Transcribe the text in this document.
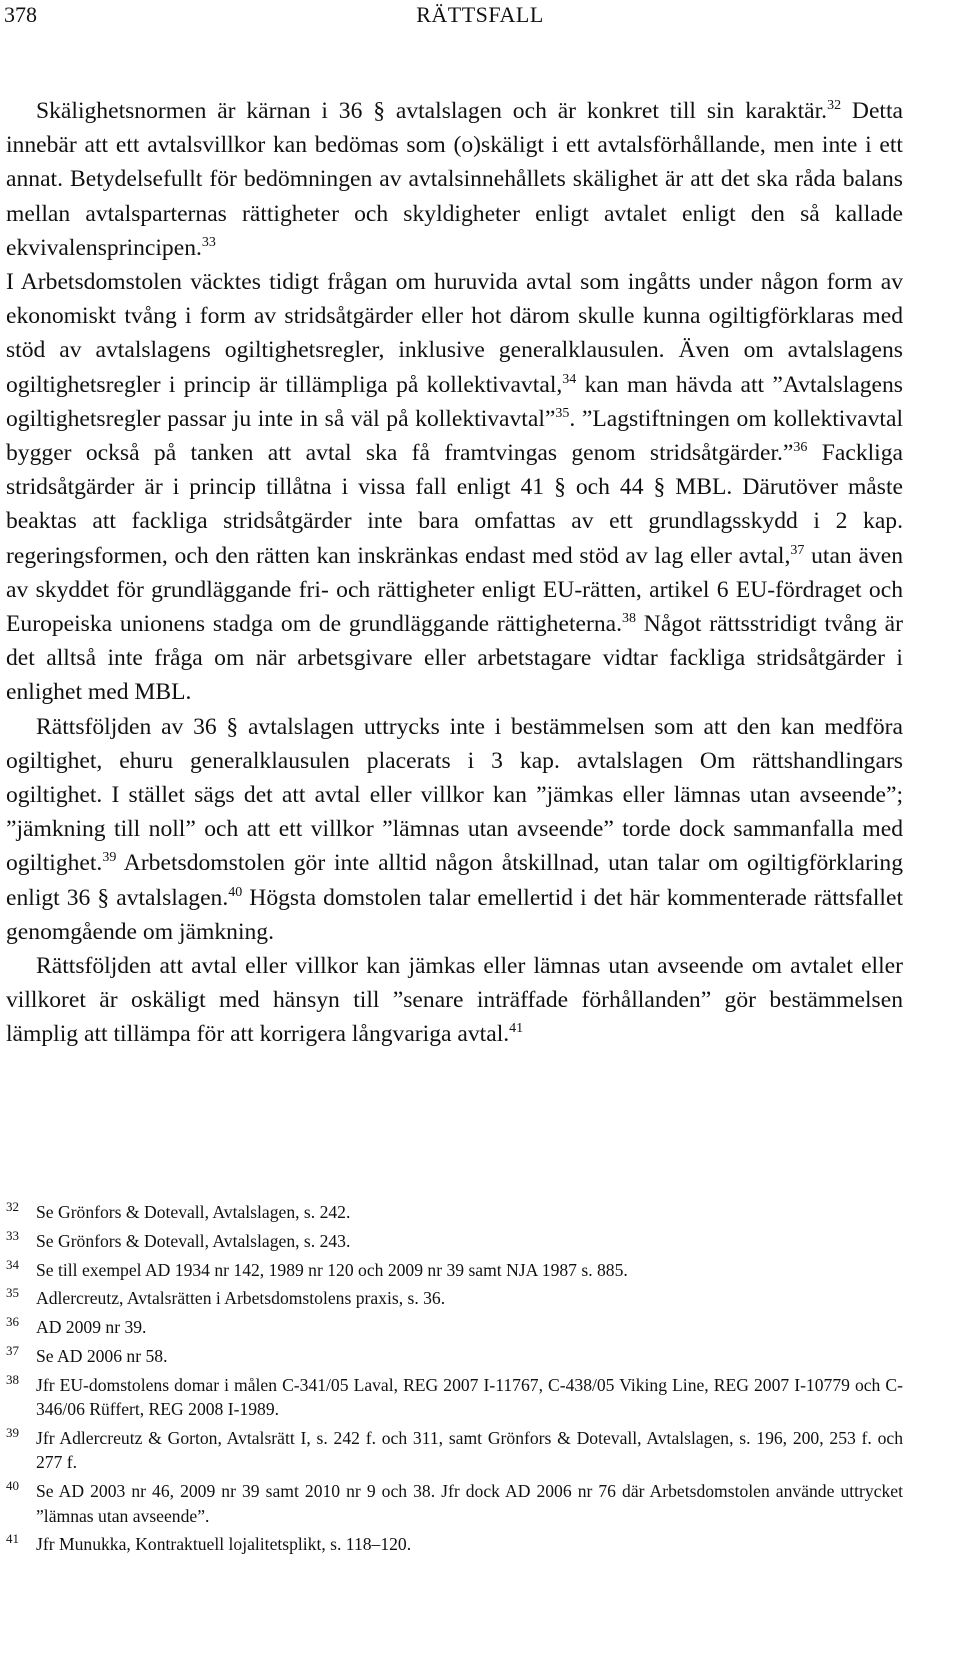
378	RÄTTSFALL

Skälighetsnormen är kärnan i 36 § avtalslagen och är konkret till sin karaktär.$^{32}$ Detta innebär att ett avtalsvillkor kan bedömas som (o)skäligt i ett avtalsförhållande, men inte i ett annat. Betydelsefullt för bedömningen av avtalsinnehållets skälighet är att det ska råda balans mellan avtalsparternas rättigheter och skyldigheter enligt avtalet enligt den så kallade ekvivalensprincipen.$^{33}$

I Arbetsdomstolen väcktes tidigt frågan om huruvida avtal som ingåtts under någon form av ekonomiskt tvång i form av stridsåtgärder eller hot därom skulle kunna ogiltigförklaras med stöd av avtalslagens ogiltighetsregler, inklusive generalklausulen. Även om avtalslagens ogiltighetsregler i princip är tillämpliga på kollektivavtal,$^{34}$ kan man hävda att ”Avtalslagens ogiltighetsregler passar ju inte in så väl på kollektivavtal”$^{35}$. ”Lagstiftningen om kollektivavtal bygger också på tanken att avtal ska få framtvingas genom stridsåtgärder.”$^{36}$ Fackliga stridsåtgärder är i princip tillåtna i vissa fall enligt 41 § och 44 § MBL. Därutöver måste beaktas att fackliga stridsåtgärder inte bara omfattas av ett grundlagsskydd i 2 kap. regeringsformen, och den rätten kan inskränkas endast med stöd av lag eller avtal,$^{37}$ utan även av skyddet för grundläggande fri- och rättigheter enligt EU-rätten, artikel 6 EU-fördraget och Europeiska unionens stadga om de grundläggande rättigheterna.$^{38}$ Något rättsstridigt tvång är det alltså inte fråga om när arbetsgivare eller arbetstagare vidtar fackliga stridsåtgärder i enlighet med MBL.

Rättsföljden av 36 § avtalslagen uttrycks inte i bestämmelsen som att den kan medföra ogiltighet, ehuru generalklausulen placerats i 3 kap. avtalslagen Om rättshandlingars ogiltighet. I stället sägs det att avtal eller villkor kan ”jämkas eller lämnas utan avseende”; ”jämkning till noll” och att ett villkor ”lämnas utan avseende” torde dock sammanfalla med ogiltighet.$^{39}$ Arbetsdomstolen gör inte alltid någon åtskillnad, utan talar om ogiltigförklaring enligt 36 § avtalslagen.$^{40}$ Högsta domstolen talar emellertid i det här kommenterade rättsfallet genomgående om jämkning.

Rättsföljden att avtal eller villkor kan jämkas eller lämnas utan avseende om avtalet eller villkoret är oskäligt med hänsyn till ”senare inträffade förhållanden” gör bestämmelsen lämplig att tillämpa för att korrigera långvariga avtal.$^{41}$

32 Se Grönfors & Dotevall, Avtalslagen, s. 242.
33 Se Grönfors & Dotevall, Avtalslagen, s. 243.
34 Se till exempel AD 1934 nr 142, 1989 nr 120 och 2009 nr 39 samt NJA 1987 s. 885.
35 Adlercreutz, Avtalsrätten i Arbetsdomstolens praxis, s. 36.
36 AD 2009 nr 39.
37 Se AD 2006 nr 58.
38 Jfr EU-domstolens domar i målen C-341/05 Laval, REG 2007 I-11767, C-438/05 Viking Line, REG 2007 I-10779 och C-346/06 Rüffert, REG 2008 I-1989.
39 Jfr Adlercreutz & Gorton, Avtalsrätt I, s. 242 f. och 311, samt Grönfors & Dotevall, Avtalslagen, s. 196, 200, 253 f. och 277 f.
40 Se AD 2003 nr 46, 2009 nr 39 samt 2010 nr 9 och 38. Jfr dock AD 2006 nr 76 där Arbetsdomstolen använde uttrycket ”lämnas utan avseende”.
41 Jfr Munukka, Kontraktuell lojalitetsplikt, s. 118–120.
